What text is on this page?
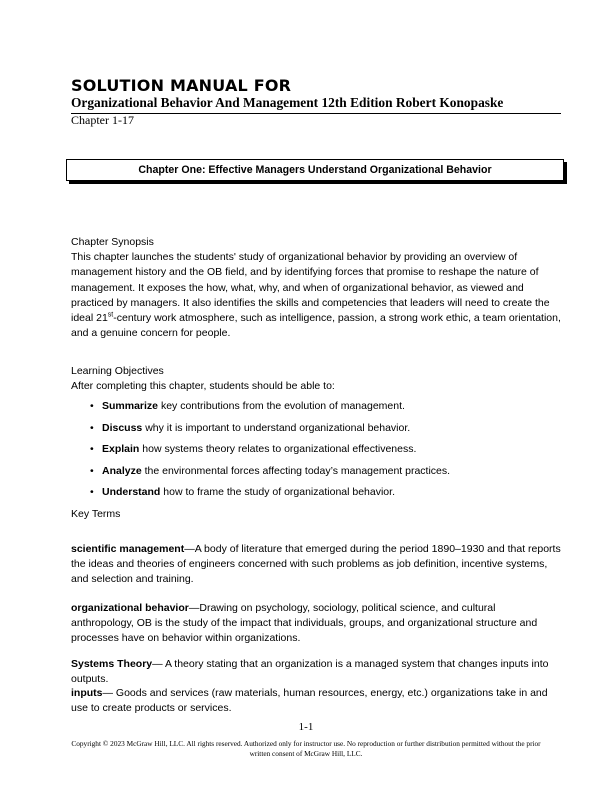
SOLUTION MANUAL FOR
Organizational Behavior And Management 12th Edition Robert Konopaske
Chapter 1-17
Chapter One: Effective Managers Understand Organizational Behavior
Chapter Synopsis
This chapter launches the students' study of organizational behavior by providing an overview of management history and the OB field, and by identifying forces that promise to reshape the nature of management. It exposes the how, what, why, and when of organizational behavior, as viewed and practiced by managers. It also identifies the skills and competencies that leaders will need to create the ideal 21st-century work atmosphere, such as intelligence, passion, a strong work ethic, a team orientation, and a genuine concern for people.
Learning Objectives
After completing this chapter, students should be able to:
• Summarize key contributions from the evolution of management.
• Discuss why it is important to understand organizational behavior.
• Explain how systems theory relates to organizational effectiveness.
• Analyze the environmental forces affecting today’s management practices.
• Understand how to frame the study of organizational behavior.
Key Terms
scientific management—A body of literature that emerged during the period 1890–1930 and that reports the ideas and theories of engineers concerned with such problems as job definition, incentive systems, and selection and training.
organizational behavior—Drawing on psychology, sociology, political science, and cultural anthropology, OB is the study of the impact that individuals, groups, and organizational structure and processes have on behavior within organizations.
Systems Theory— A theory stating that an organization is a managed system that changes inputs into outputs.
inputs— Goods and services (raw materials, human resources, energy, etc.) organizations take in and use to create products or services.
1-1
Copyright © 2023 McGraw Hill, LLC. All rights reserved. Authorized only for instructor use. No reproduction or further distribution permitted without the prior written consent of McGraw Hill, LLC.
